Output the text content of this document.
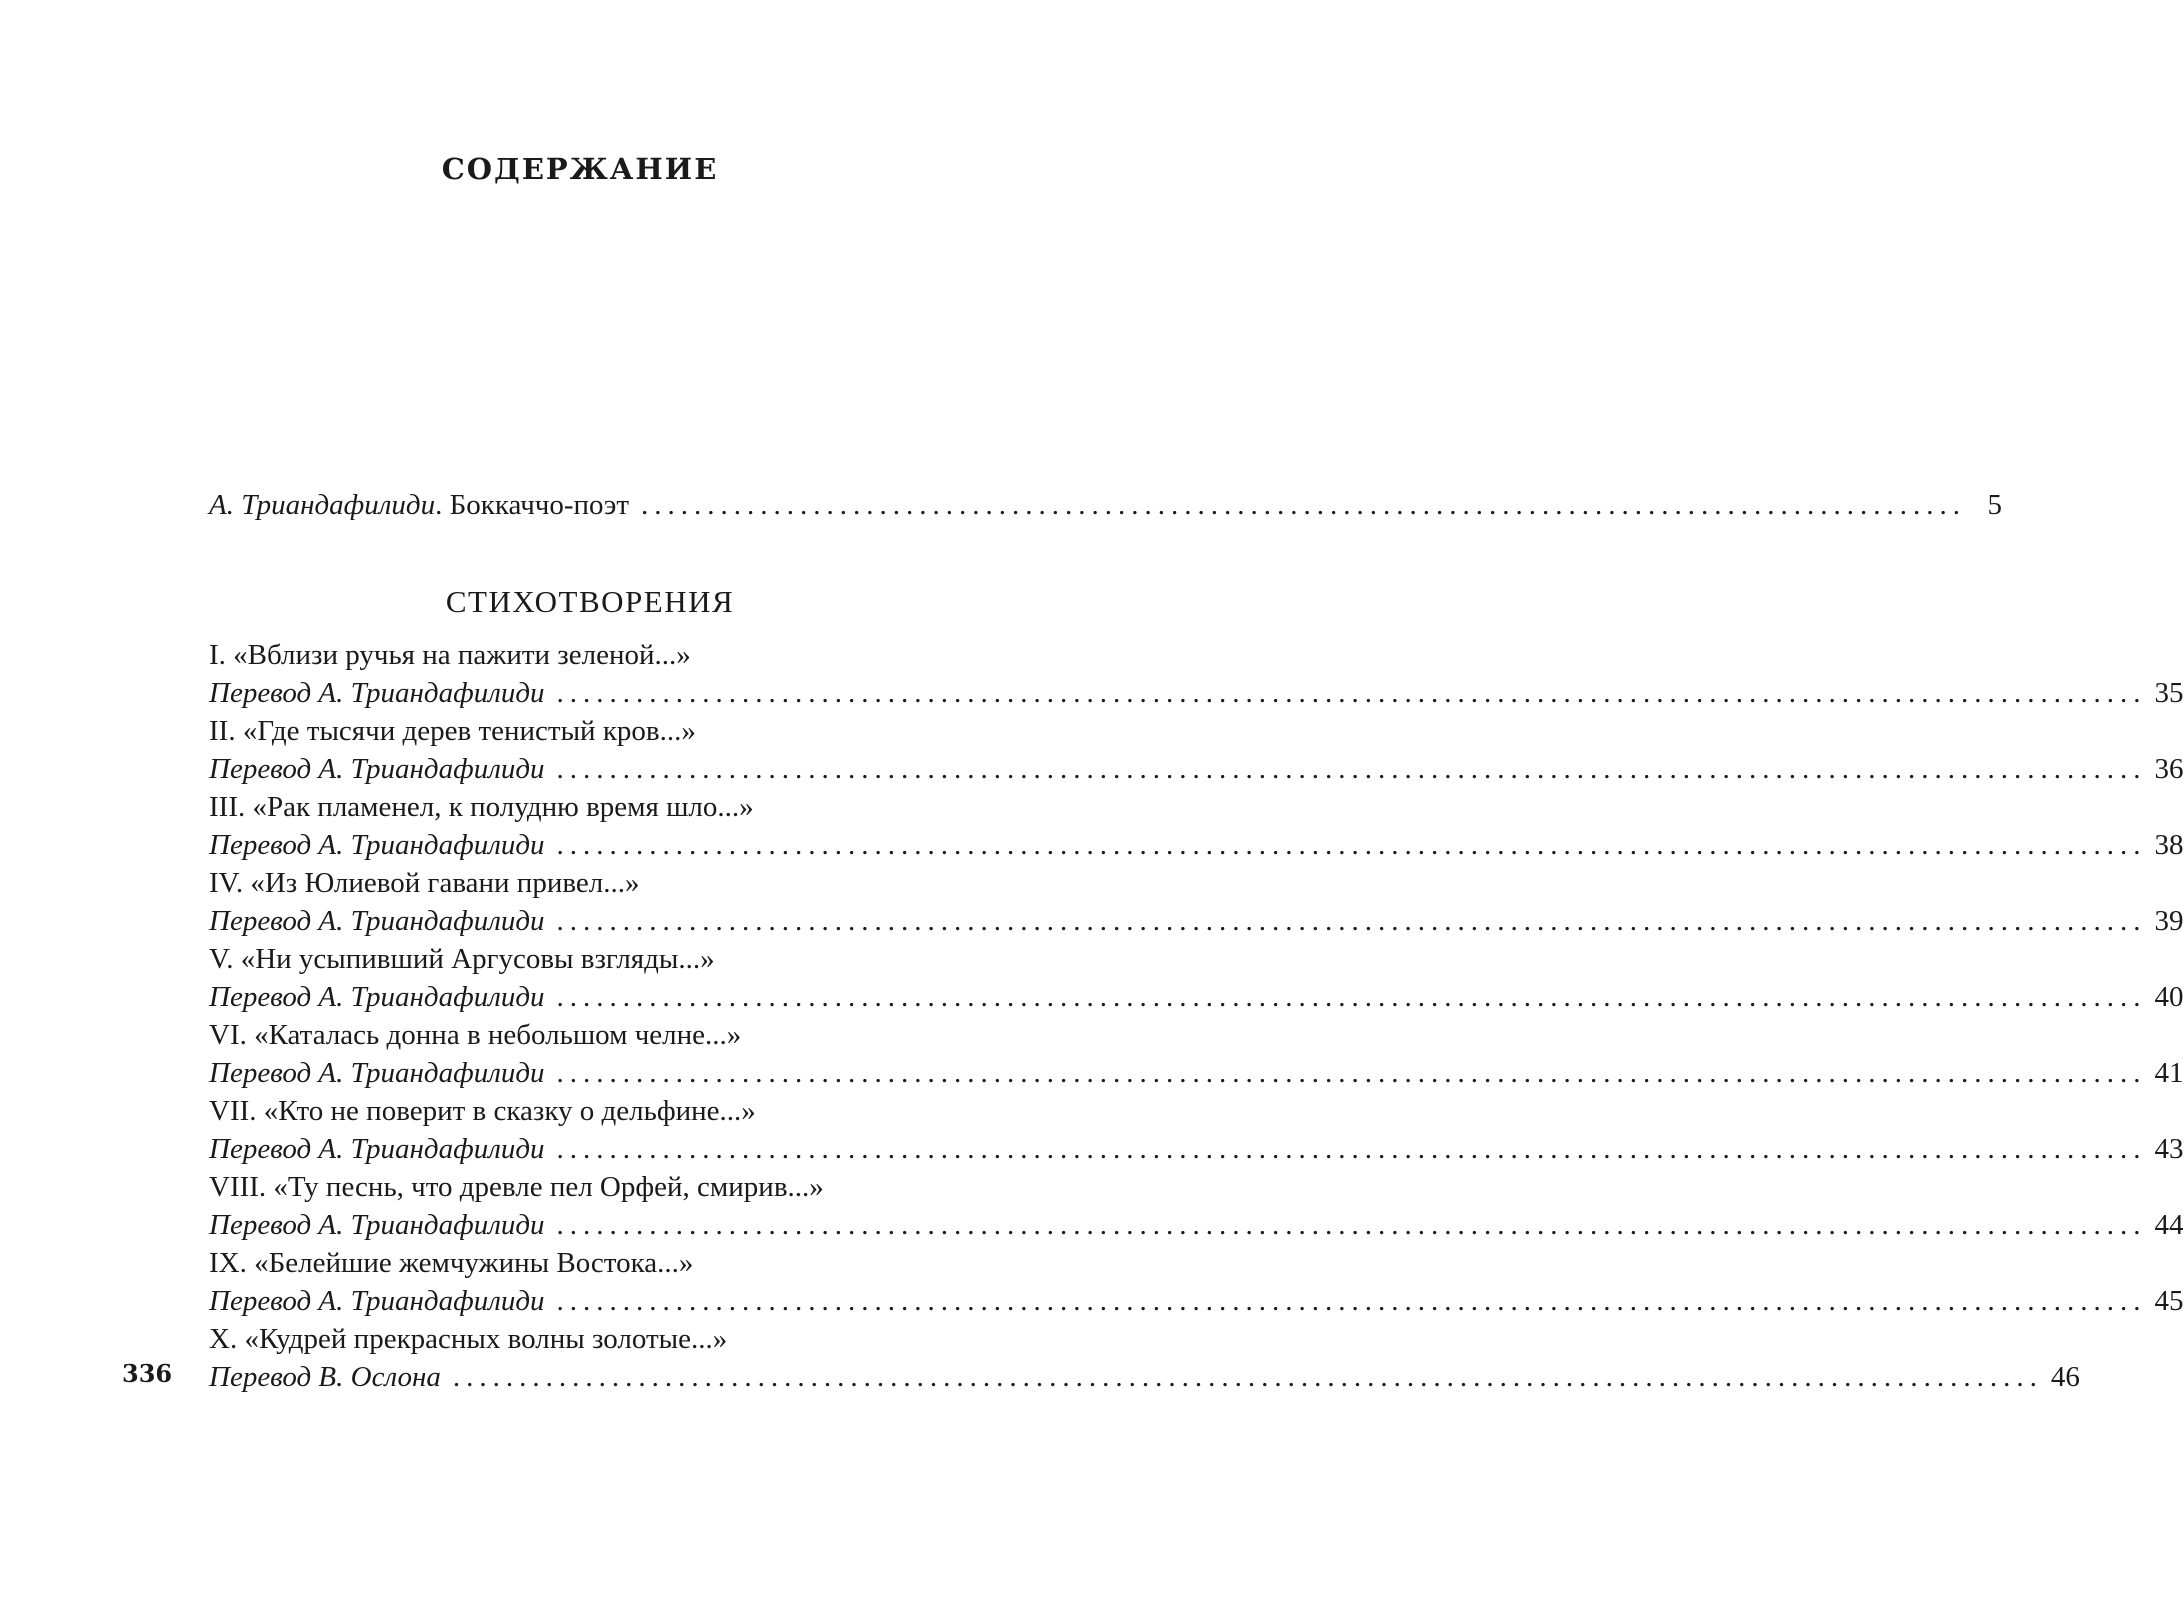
СОДЕРЖАНИЕ
А. Триандафилиди . Боккаччо-поэт .................................................................................................... 5
СТИХОТВОРЕНИЯ
I. «Вблизи ручья на пажити зеленой...»
Перевод А. Триандафилиди ........................................................................................................................ 35
II. «Где тысячи дерев тенистый кров...»
Перевод А. Триандафилиди ........................................................................................................................ 36
III. «Рак пламенел, к полудню время шло...»
Перевод А. Триандафилиди ........................................................................................................................ 38
IV. «Из Юлиевой гавани привел...»
Перевод А. Триандафилиди ........................................................................................................................ 39
V. «Ни усыпивший Аргусовы взгляды...»
Перевод А. Триандафилиди ........................................................................................................................ 40
VI. «Каталась донна в небольшом челне...»
Перевод А. Триандафилиди ........................................................................................................................ 41
VII. «Кто не поверит в сказку о дельфине...»
Перевод А. Триандафилиди ........................................................................................................................ 43
VIII. «Ту песнь, что древле пел Орфей, смирив...»
Перевод А. Триандафилиди ........................................................................................................................ 44
IX. «Белейшие жемчужины Востока...»
Перевод А. Триандафилиди ........................................................................................................................ 45
X. «Кудрей прекрасных волны золотые...»
Перевод В. Ослона ........................................................................................................................ 46
336
